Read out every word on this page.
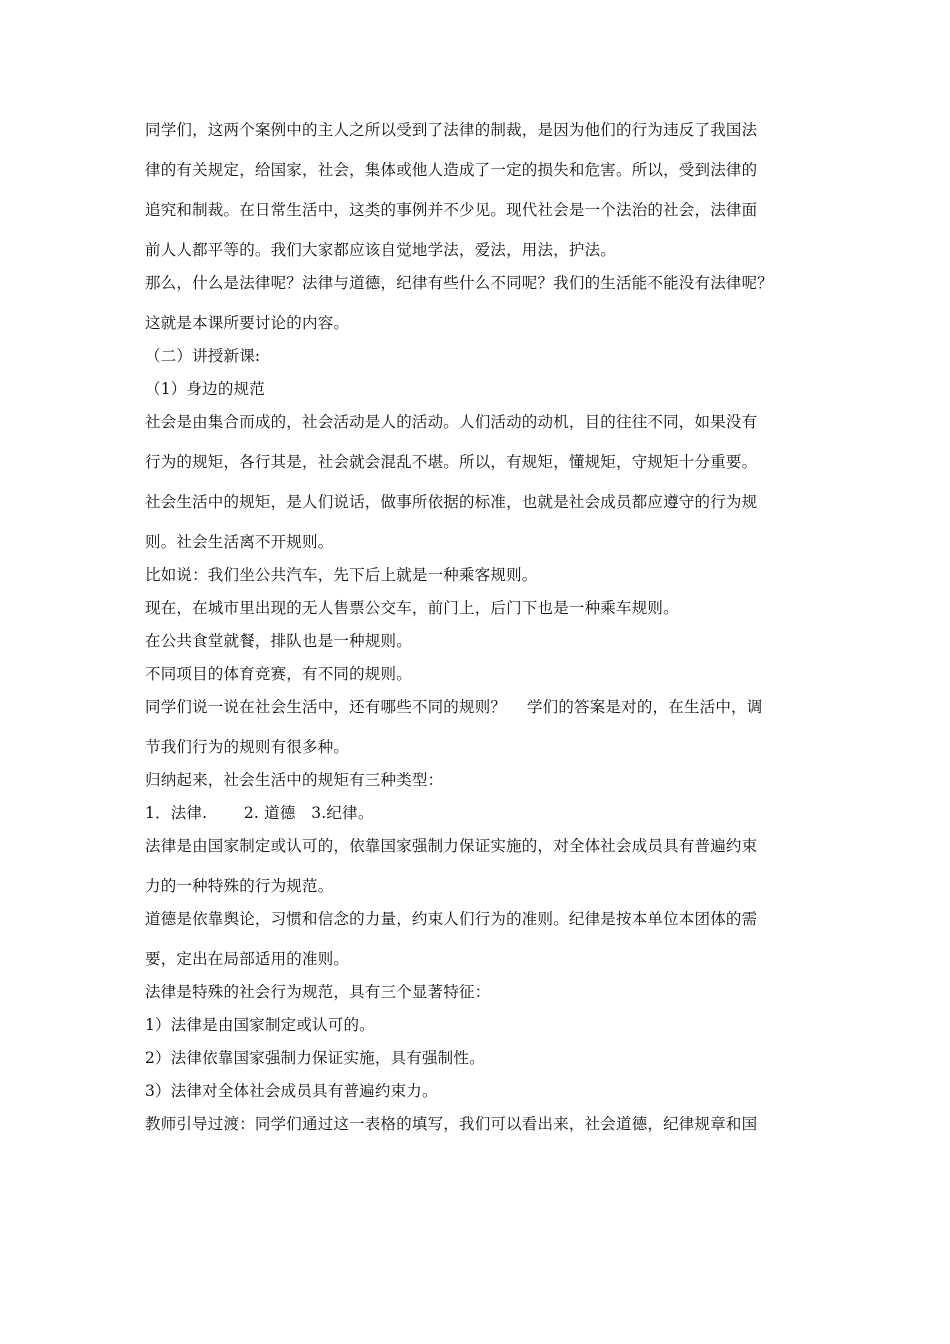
同学们，这两个案例中的主人之所以受到了法律的制裁，是因为他们的行为违反了我国法
律的有关规定，给国家，社会，集体或他人造成了一定的损失和危害。所以，受到法律的
追究和制裁。在日常生活中，这类的事例并不少见。现代社会是一个法治的社会，法律面
前人人都平等的。我们大家都应该自觉地学法，爱法，用法，护法。
那么，什么是法律呢？法律与道德，纪律有些什么不同呢？我们的生活能不能没有法律呢？
这就是本课所要讨论的内容。
（二）讲授新课:
（1）身边的规范
社会是由集合而成的，社会活动是人的活动。人们活动的动机，目的往往不同，如果没有
行为的规矩，各行其是，社会就会混乱不堪。所以，有规矩，懂规矩，守规矩十分重要。
社会生活中的规矩，是人们说话，做事所依据的标准，也就是社会成员都应遵守的行为规
则。社会生活离不开规则。
比如说：我们坐公共汽车，先下后上就是一种乘客规则。
现在，在城市里出现的无人售票公交车，前门上，后门下也是一种乘车规则。
在公共食堂就餐，排队也是一种规则。
不同项目的体育竞赛，有不同的规则。
同学们说一说在社会生活中，还有哪些不同的规则？　 学们的答案是对的，在生活中，调
节我们行为的规则有很多种。
归纳起来，社会生活中的规矩有三种类型：
1．法律.　　 2. 道德　3.纪律。
法律是由国家制定或认可的，依靠国家强制力保证实施的，对全体社会成员具有普遍约束
力的一种特殊的行为规范。
道德是依靠舆论，习惯和信念的力量，约束人们行为的准则。纪律是按本单位本团体的需
要，定出在局部适用的准则。
法律是特殊的社会行为规范，具有三个显著特征：
1）法律是由国家制定或认可的。
2）法律依靠国家强制力保证实施，具有强制性。
3）法律对全体社会成员具有普遍约束力。
教师引导过渡：同学们通过这一表格的填写，我们可以看出来，社会道德，纪律规章和国
